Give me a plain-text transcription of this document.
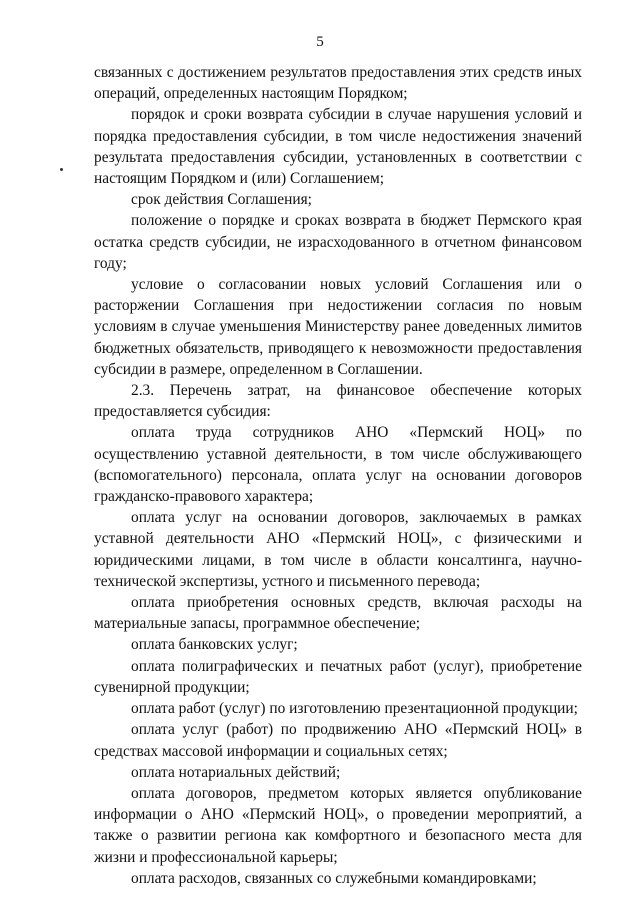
5

связанных с достижением результатов предоставления этих средств иных операций, определенных настоящим Порядком;

порядок и сроки возврата субсидии в случае нарушения условий и порядка предоставления субсидии, в том числе недостижения значений результата предоставления субсидии, установленных в соответствии с настоящим Порядком и (или) Соглашением;

срок действия Соглашения;

положение о порядке и сроках возврата в бюджет Пермского края остатка средств субсидии, не израсходованного в отчетном финансовом году;

условие о согласовании новых условий Соглашения или о расторжении Соглашения при недостижении согласия по новым условиям в случае уменьшения Министерству ранее доведенных лимитов бюджетных обязательств, приводящего к невозможности предоставления субсидии в размере, определенном в Соглашении.

2.3. Перечень затрат, на финансовое обеспечение которых предоставляется субсидия:

оплата труда сотрудников АНО «Пермский НОЦ» по осуществлению уставной деятельности, в том числе обслуживающего (вспомогательного) персонала, оплата услуг на основании договоров гражданско-правового характера;

оплата услуг на основании договоров, заключаемых в рамках уставной деятельности АНО «Пермский НОЦ», с физическими и юридическими лицами, в том числе в области консалтинга, научно-технической экспертизы, устного и письменного перевода;

оплата приобретения основных средств, включая расходы на материальные запасы, программное обеспечение;

оплата банковских услуг;

оплата полиграфических и печатных работ (услуг), приобретение сувенирной продукции;

оплата работ (услуг) по изготовлению презентационной продукции;

оплата услуг (работ) по продвижению АНО «Пермский НОЦ» в средствах массовой информации и социальных сетях;

оплата нотариальных действий;

оплата договоров, предметом которых является опубликование информации о АНО «Пермский НОЦ», о проведении мероприятий, а также о развитии региона как комфортного и безопасного места для жизни и профессиональной карьеры;

оплата расходов, связанных со служебными командировками;
